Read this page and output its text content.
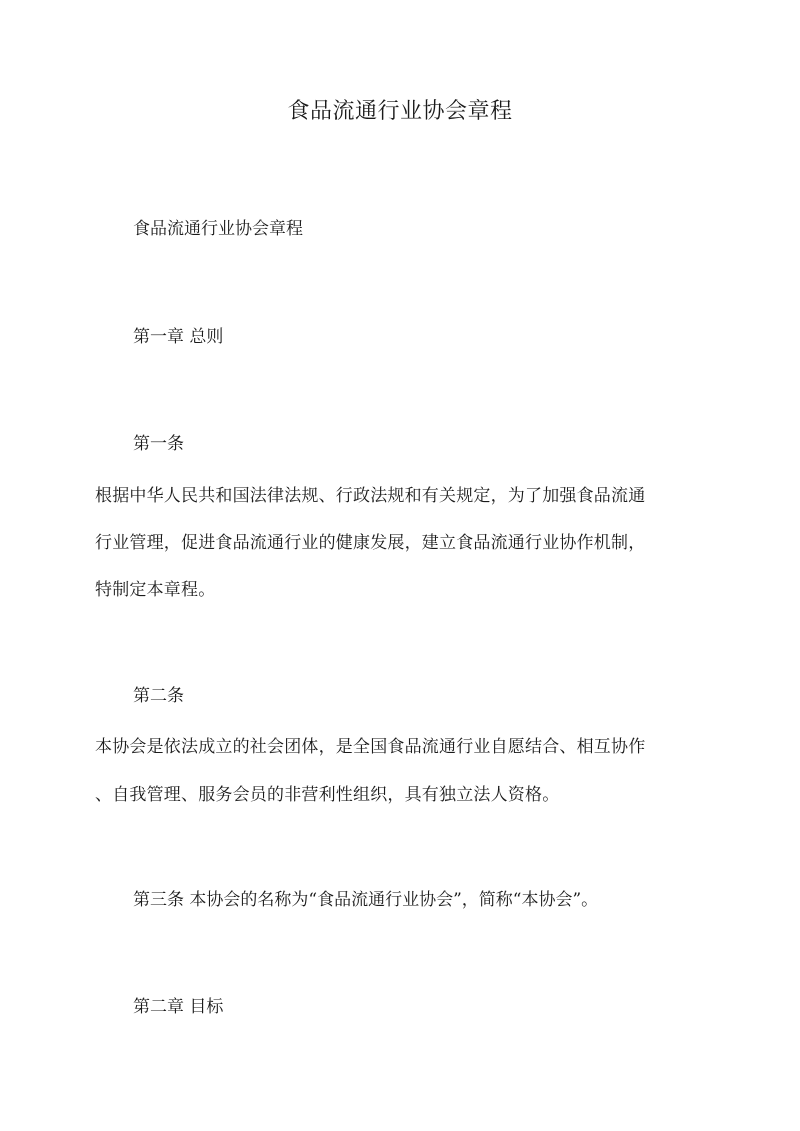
食品流通行业协会章程
食品流通行业协会章程
第一章 总则
第一条
根据中华人民共和国法律法规、行政法规和有关规定，为了加强食品流通
行业管理，促进食品流通行业的健康发展，建立食品流通行业协作机制，
特制定本章程。
第二条
本协会是依法成立的社会团体，是全国食品流通行业自愿结合、相互协作
、自我管理、服务会员的非营利性组织，具有独立法人资格。
第三条 本协会的名称为“食品流通行业协会”，简称“本协会”。
第二章 目标
